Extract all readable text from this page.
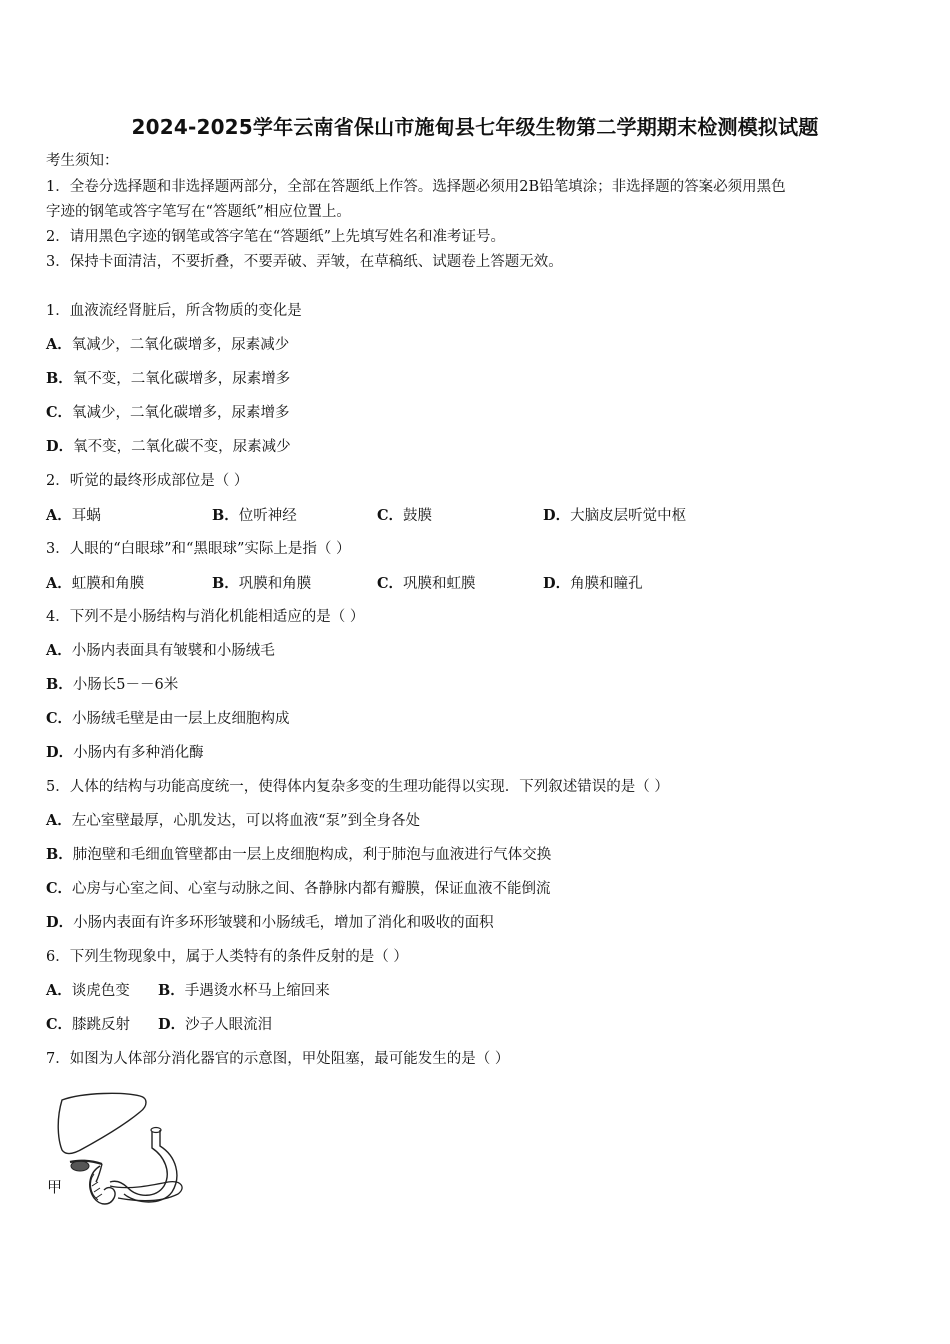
2024-2025学年云南省保山市施甸县七年级生物第二学期期末检测模拟试题
考生须知：
1．全卷分选择题和非选择题两部分，全部在答题纸上作答。选择题必须用2B铅笔填涂；非选择题的答案必须用黑色
字迹的钢笔或答字笔写在“答题纸”相应位置上。
2．请用黑色字迹的钢笔或答字笔在“答题纸”上先填写姓名和准考证号。
3．保持卡面清洁，不要折叠，不要弄破、弄皱，在草稿纸、试题卷上答题无效。
1．血液流经肾脏后，所含物质的变化是
A．氧减少，二氧化碳增多，尿素减少
B．氧不变，二氧化碳增多，尿素增多
C．氧减少，二氧化碳增多，尿素增多
D．氧不变，二氧化碳不变，尿素减少
2．听觉的最终形成部位是（ ）
A．耳蜗	B．位听神经	C．鼓膜	D．大脑皮层听觉中枢
3．人眼的“白眼球”和“黑眼球”实际上是指（ ）
A．虹膜和角膜	B．巩膜和角膜	C．巩膜和虹膜	D．角膜和瞳孔
4．下列不是小肠结构与消化机能相适应的是（ ）
A．小肠内表面具有皱襞和小肠绒毛
B．小肠长5－－6米
C．小肠绒毛壁是由一层上皮细胞构成
D．小肠内有多种消化酶
5．人体的结构与功能高度统一，使得体内复杂多变的生理功能得以实现．下列叙述错误的是（ ）
A．左心室壁最厚，心肌发达，可以将血液“泵”到全身各处
B．肺泡壁和毛细血管壁都由一层上皮细胞构成，利于肺泡与血液进行气体交换
C．心房与心室之间、心室与动脉之间、各静脉内都有瓣膜，保证血液不能倒流
D．小肠内表面有许多环形皱襞和小肠绒毛，增加了消化和吸收的面积
6．下列生物现象中，属于人类特有的条件反射的是（ ）
A．谈虎色变 B．手遇烫水杯马上缩回来
C．膝跳反射 D．沙子人眼流泪
7．如图为人体部分消化器官的示意图，甲处阻塞，最可能发生的是（ ）
甲
